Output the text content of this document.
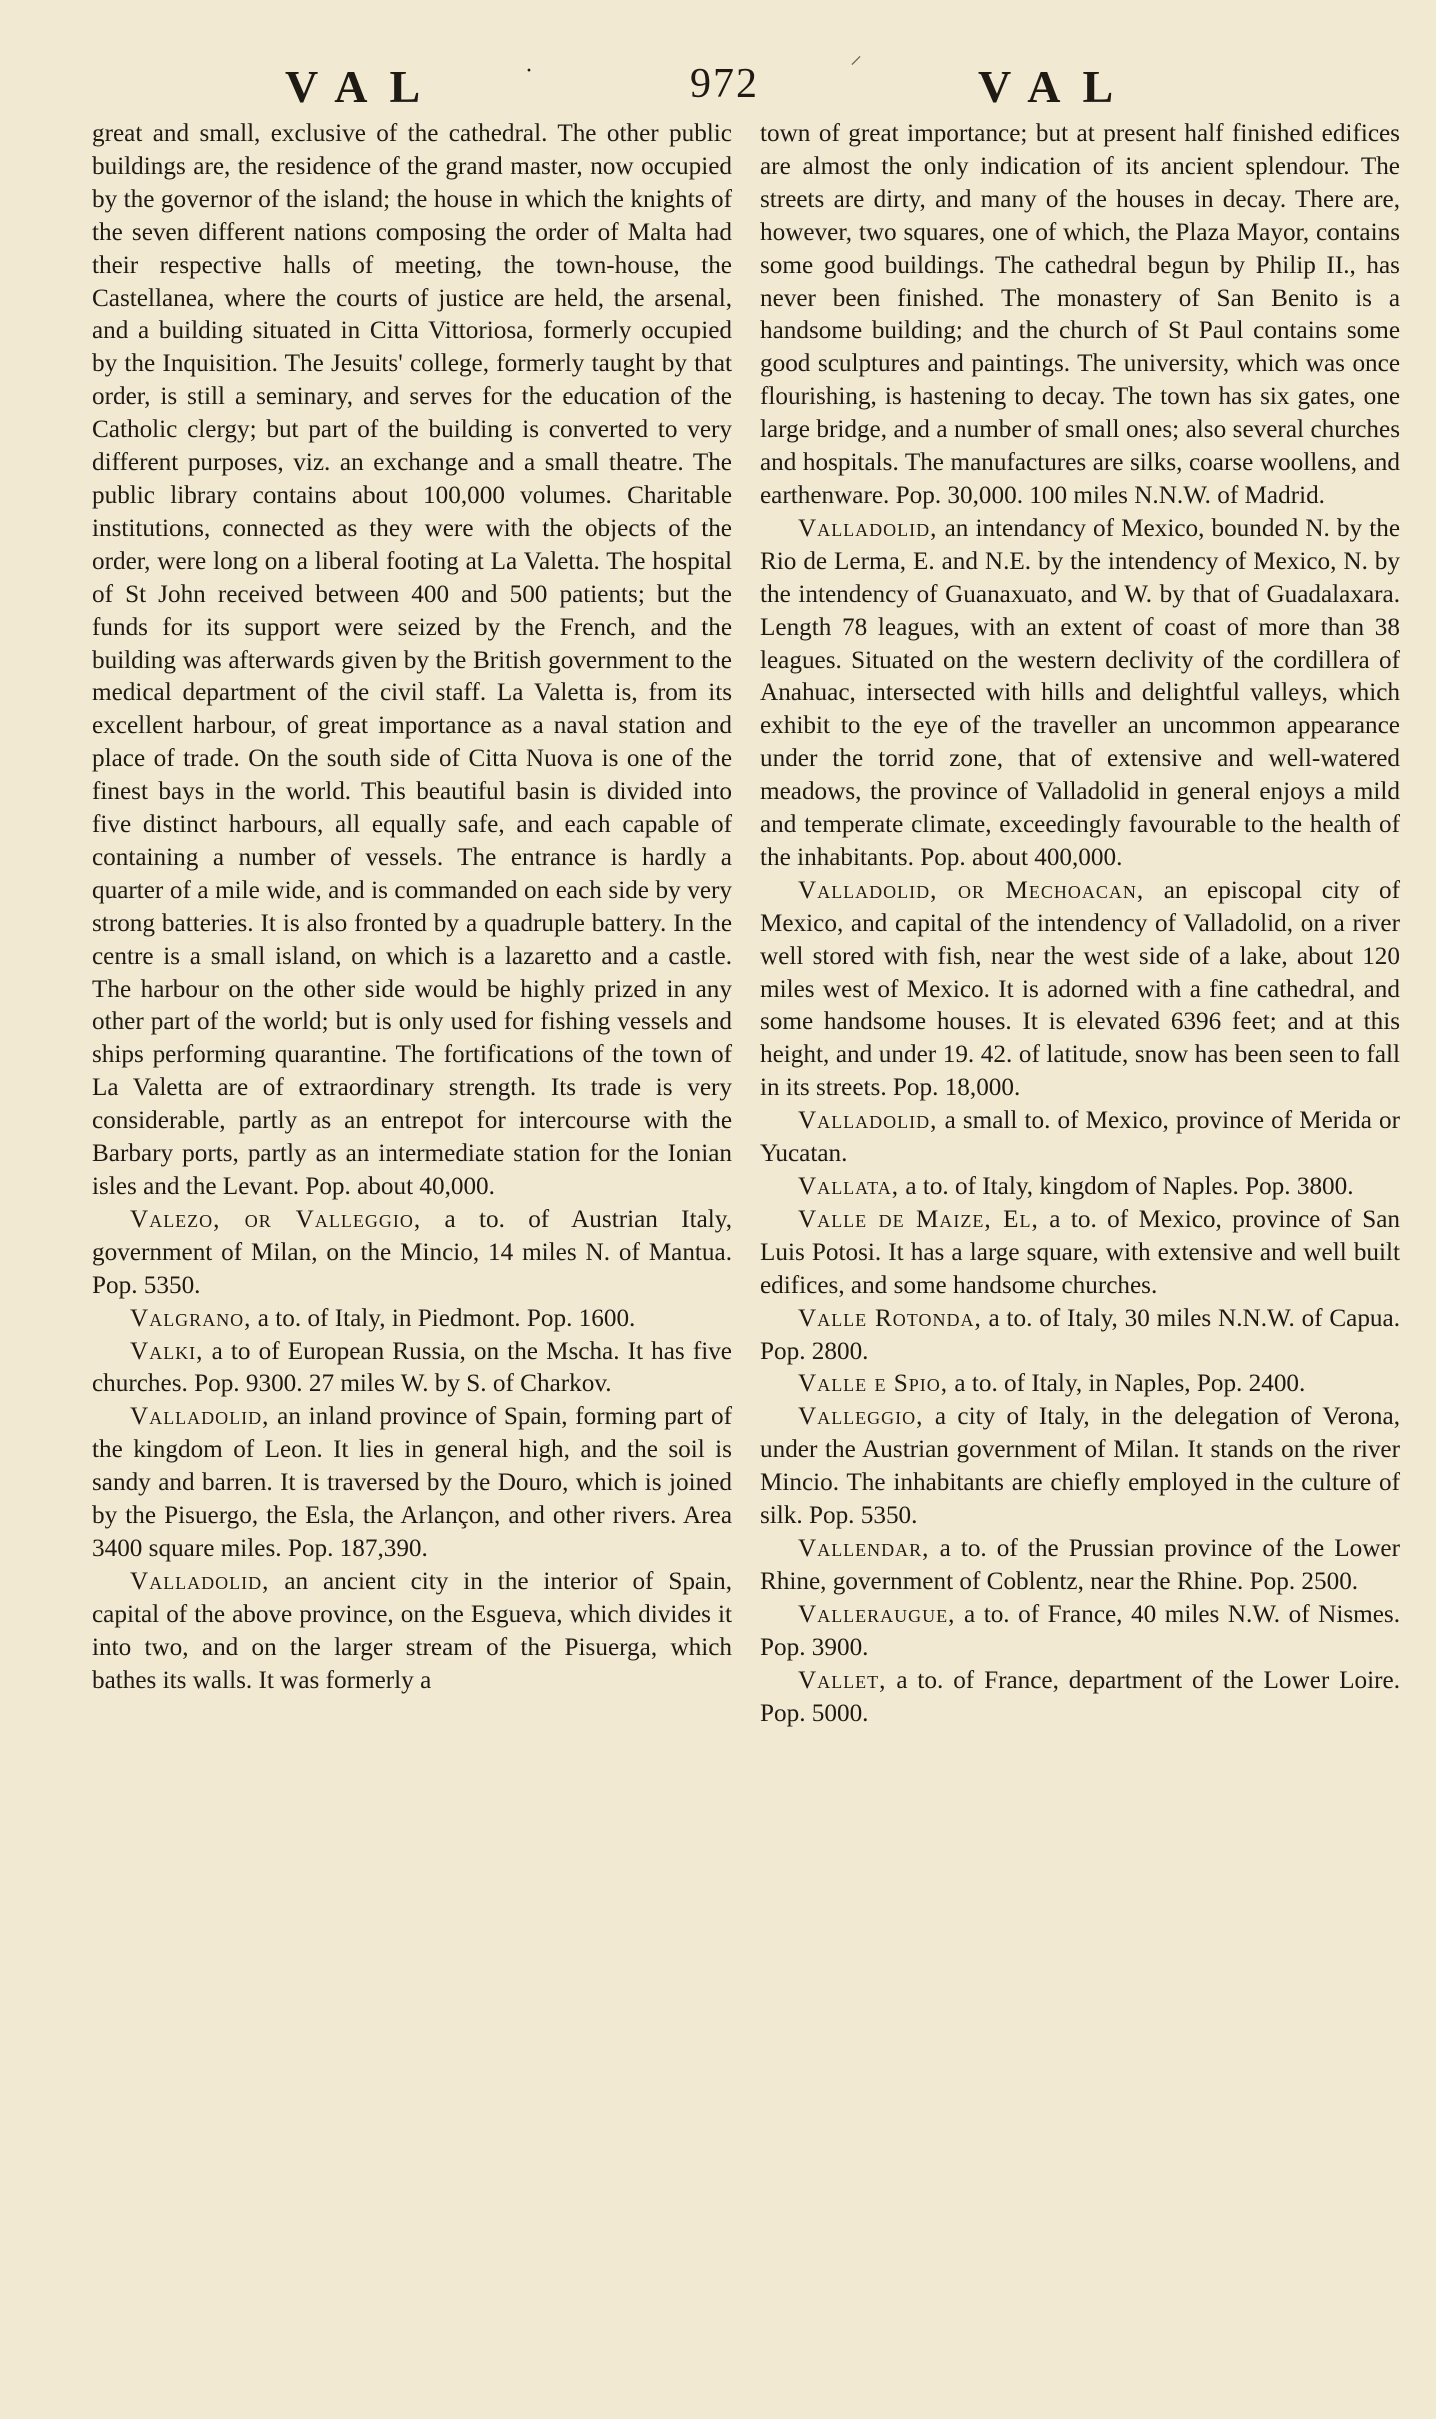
VAL	·	972
⸝
VAL

great and small, exclusive of the cathedral. The other public buildings are, the residence of the grand master, now occupied by the governor of the island; the house in which the knights of the seven different nations composing the order of Malta had their respective halls of meeting, the town-house, the Castellanea, where the courts of justice are held, the arsenal, and a building situated in Citta Vittoriosa, formerly occupied by the Inquisition. The Jesuits' college, formerly taught by that order, is still a seminary, and serves for the education of the Catholic clergy; but part of the building is converted to very different purposes, viz. an exchange and a small theatre. The public library contains about 100,000 volumes. Charitable institutions, connected as they were with the objects of the order, were long on a liberal footing at La Valetta. The hospital of St John received between 400 and 500 patients; but the funds for its support were seized by the French, and the building was afterwards given by the British government to the medical department of the civil staff. La Valetta is, from its excellent harbour, of great importance as a naval station and place of trade. On the south side of Citta Nuova is one of the finest bays in the world. This beautiful basin is divided into five distinct harbours, all equally safe, and each capable of containing a number of vessels. The entrance is hardly a quarter of a mile wide, and is commanded on each side by very strong batteries. It is also fronted by a quadruple battery. In the centre is a small island, on which is a lazaretto and a castle. The harbour on the other side would be highly prized in any other part of the world; but is only used for fishing vessels and ships performing quarantine. The fortifications of the town of La Valetta are of extraordinary strength. Its trade is very considerable, partly as an entrepot for intercourse with the Barbary ports, partly as an intermediate station for the Ionian isles and the Levant. Pop. about 40,000.

Valezo, or Valleggio, a to. of Austrian Italy, government of Milan, on the Mincio, 14 miles N. of Mantua. Pop. 5350.

Valgrano, a to. of Italy, in Piedmont. Pop. 1600.

Valki, a to of European Russia, on the Mscha. It has five churches. Pop. 9300. 27 miles W. by S. of Charkov.

Valladolid, an inland province of Spain, forming part of the kingdom of Leon. It lies in general high, and the soil is sandy and barren. It is traversed by the Douro, which is joined by the Pisuergo, the Esla, the Arlançon, and other rivers. Area 3400 square miles. Pop. 187,390.

Valladolid, an ancient city in the interior of Spain, capital of the above province, on the Esgueva, which divides it into two, and on the larger stream of the Pisuerga, which bathes its walls. It was formerly a

town of great importance; but at present half finished edifices are almost the only indication of its ancient splendour. The streets are dirty, and many of the houses in decay. There are, however, two squares, one of which, the Plaza Mayor, contains some good buildings. The cathedral begun by Philip II., has never been finished. The monastery of San Benito is a handsome building; and the church of St Paul contains some good sculptures and paintings. The university, which was once flourishing, is hastening to decay. The town has six gates, one large bridge, and a number of small ones; also several churches and hospitals. The manufactures are silks, coarse woollens, and earthenware. Pop. 30,000. 100 miles N.N.W. of Madrid.

Valladolid, an intendancy of Mexico, bounded N. by the Rio de Lerma, E. and N.E. by the intendency of Mexico, N. by the intendency of Guanaxuato, and W. by that of Guadalaxara. Length 78 leagues, with an extent of coast of more than 38 leagues. Situated on the western declivity of the cordillera of Anahuac, intersected with hills and delightful valleys, which exhibit to the eye of the traveller an uncommon appearance under the torrid zone, that of extensive and well-watered meadows, the province of Valladolid in general enjoys a mild and temperate climate, exceedingly favourable to the health of the inhabitants. Pop. about 400,000.

Valladolid, or Mechoacan, an episcopal city of Mexico, and capital of the intendency of Valladolid, on a river well stored with fish, near the west side of a lake, about 120 miles west of Mexico. It is adorned with a fine cathedral, and some handsome houses. It is elevated 6396 feet; and at this height, and under 19. 42. of latitude, snow has been seen to fall in its streets. Pop. 18,000.

Valladolid, a small to. of Mexico, province of Merida or Yucatan.

Vallata, a to. of Italy, kingdom of Naples. Pop. 3800.

Valle de Maize, El, a to. of Mexico, province of San Luis Potosi. It has a large square, with extensive and well built edifices, and some handsome churches.

Valle Rotonda, a to. of Italy, 30 miles N.N.W. of Capua. Pop. 2800.

Valle e Spio, a to. of Italy, in Naples, Pop. 2400.

Valleggio, a city of Italy, in the delegation of Verona, under the Austrian government of Milan. It stands on the river Mincio. The inhabitants are chiefly employed in the culture of silk. Pop. 5350.

Vallendar, a to. of the Prussian province of the Lower Rhine, government of Coblentz, near the Rhine. Pop. 2500.

Valleraugue, a to. of France, 40 miles N.W. of Nismes. Pop. 3900.

Vallet, a to. of France, department of the Lower Loire. Pop. 5000.
